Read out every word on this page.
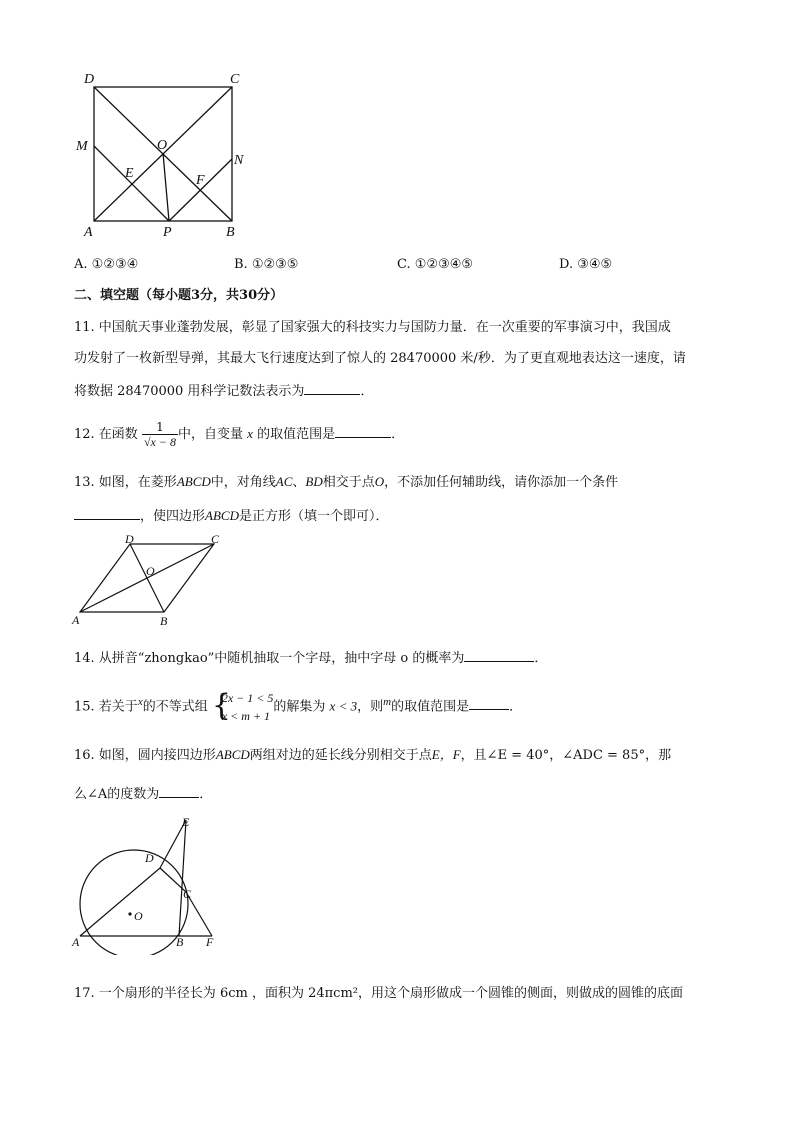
D	C
M	O
N
E	F
A	P	B
A. ①②③④	B. ①②③⑤	C. ①②③④⑤	D. ③④⑤
二、填空题（每小题3分，共30分）
11. 中国航天事业蓬勃发展，彰显了国家强大的科技实力与国防力量．在一次重要的军事演习中，我国成
功发射了一枚新型导弹，其最大飞行速度达到了惊人的 28470000 米/秒．为了更直观地表达这一速度，请
将数据 28470000 用科学记数法表示为	．
12. 在函数 $\frac{1}{√x - 8}$ 中，自变量 x 的取值范围是	．
13. 如图，在菱形ABCD中，对角线AC、BD相交于点O，不添加任何辅助线，请你添加一个条件
，使四边形ABCD是正方形（填一个即可）．
D	C
O
A	B
14. 从拼音“zhongkao”中随机抽取一个字母，抽中字母 o 的概率为	．
15. 若关于$^x$的不等式组 {
2x − 1 < 5
x < m + 1
的解集为 x < 3，则$^m$的取值范围是	．
16. 如图，圆内接四边形ABCD两组对边的延长线分别相交于点E，F，且∠E = 40°，∠ADC = 85°，那
么∠A的度数为	．
E
D
C
O
A	B F
17. 一个扇形的半径长为 6cm ，面积为 24πcm²，用这个扇形做成一个圆锥的侧面，则做成的圆锥的底面
